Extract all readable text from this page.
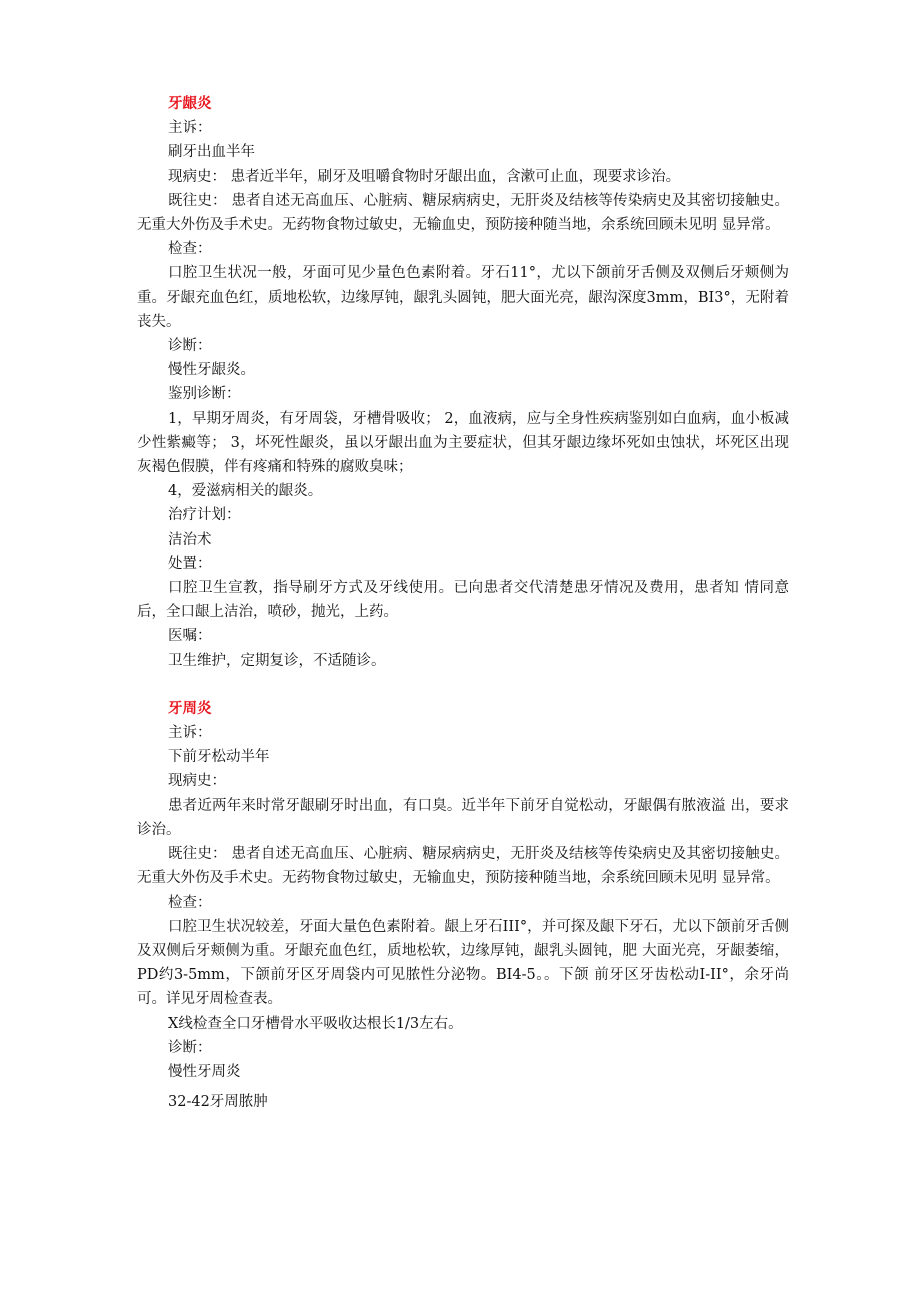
牙龈炎

主诉：

刷牙出血半年

现病史： 患者近半年，刷牙及咀嚼食物时牙龈出血，含漱可止血，现要求诊治。

既往史： 患者自述无高血压、心脏病、糖尿病病史，无肝炎及结核等传染病史及其密切接触史。 无重大外伤及手术史。无药物食物过敏史，无输血史，预防接种随当地，余系统回顾未见明 显异常。

检查：

口腔卫生状况一般，牙面可见少量色色素附着。牙石11°，尤以下颌前牙舌侧及双侧后牙颊侧为重。牙龈充血色红，质地松软，边缘厚钝，龈乳头圆钝，肥大面光亮，龈沟深度3mm，BI3°，无附着丧失。

诊断：

慢性牙龈炎。

鉴别诊断：

1，早期牙周炎，有牙周袋，牙槽骨吸收； 2，血液病，应与全身性疾病鉴别如白血病，血小板减少性紫癜等； 3，坏死性龈炎，虽以牙龈出血为主要症状，但其牙龈边缘坏死如虫蚀状，坏死区出现 灰褐色假膜，伴有疼痛和特殊的腐败臭味；

4，爱滋病相关的龈炎。

治疗计划：

洁治术

处置：

口腔卫生宣教，指导刷牙方式及牙线使用。已向患者交代清楚患牙情况及费用，患者知 情同意后，全口龈上洁治，喷砂，抛光，上药。

医嘱：

卫生维护，定期复诊，不适随诊。

牙周炎

主诉：

下前牙松动半年

现病史：

患者近两年来时常牙龈刷牙时出血，有口臭。近半年下前牙自觉松动，牙龈偶有脓液溢 出，要求诊治。

既往史： 患者自述无高血压、心脏病、糖尿病病史，无肝炎及结核等传染病史及其密切接触史。 无重大外伤及手术史。无药物食物过敏史，无输血史，预防接种随当地，余系统回顾未见明 显异常。

检查：

口腔卫生状况较差，牙面大量色色素附着。龈上牙石III°，并可探及龈下牙石，尤以下颌前牙舌侧及双侧后牙颊侧为重。牙龈充血色红，质地松软，边缘厚钝，龈乳头圆钝，肥 大面光亮，牙龈萎缩，PD约3-5mm，下颌前牙区牙周袋内可见脓性分泌物。BI4-5。。下颌 前牙区牙齿松动I-II°，余牙尚可。详见牙周检查表。

X线检查全口牙槽骨水平吸收达根长1/3左右。

诊断：

慢性牙周炎

32-42牙周脓肿
